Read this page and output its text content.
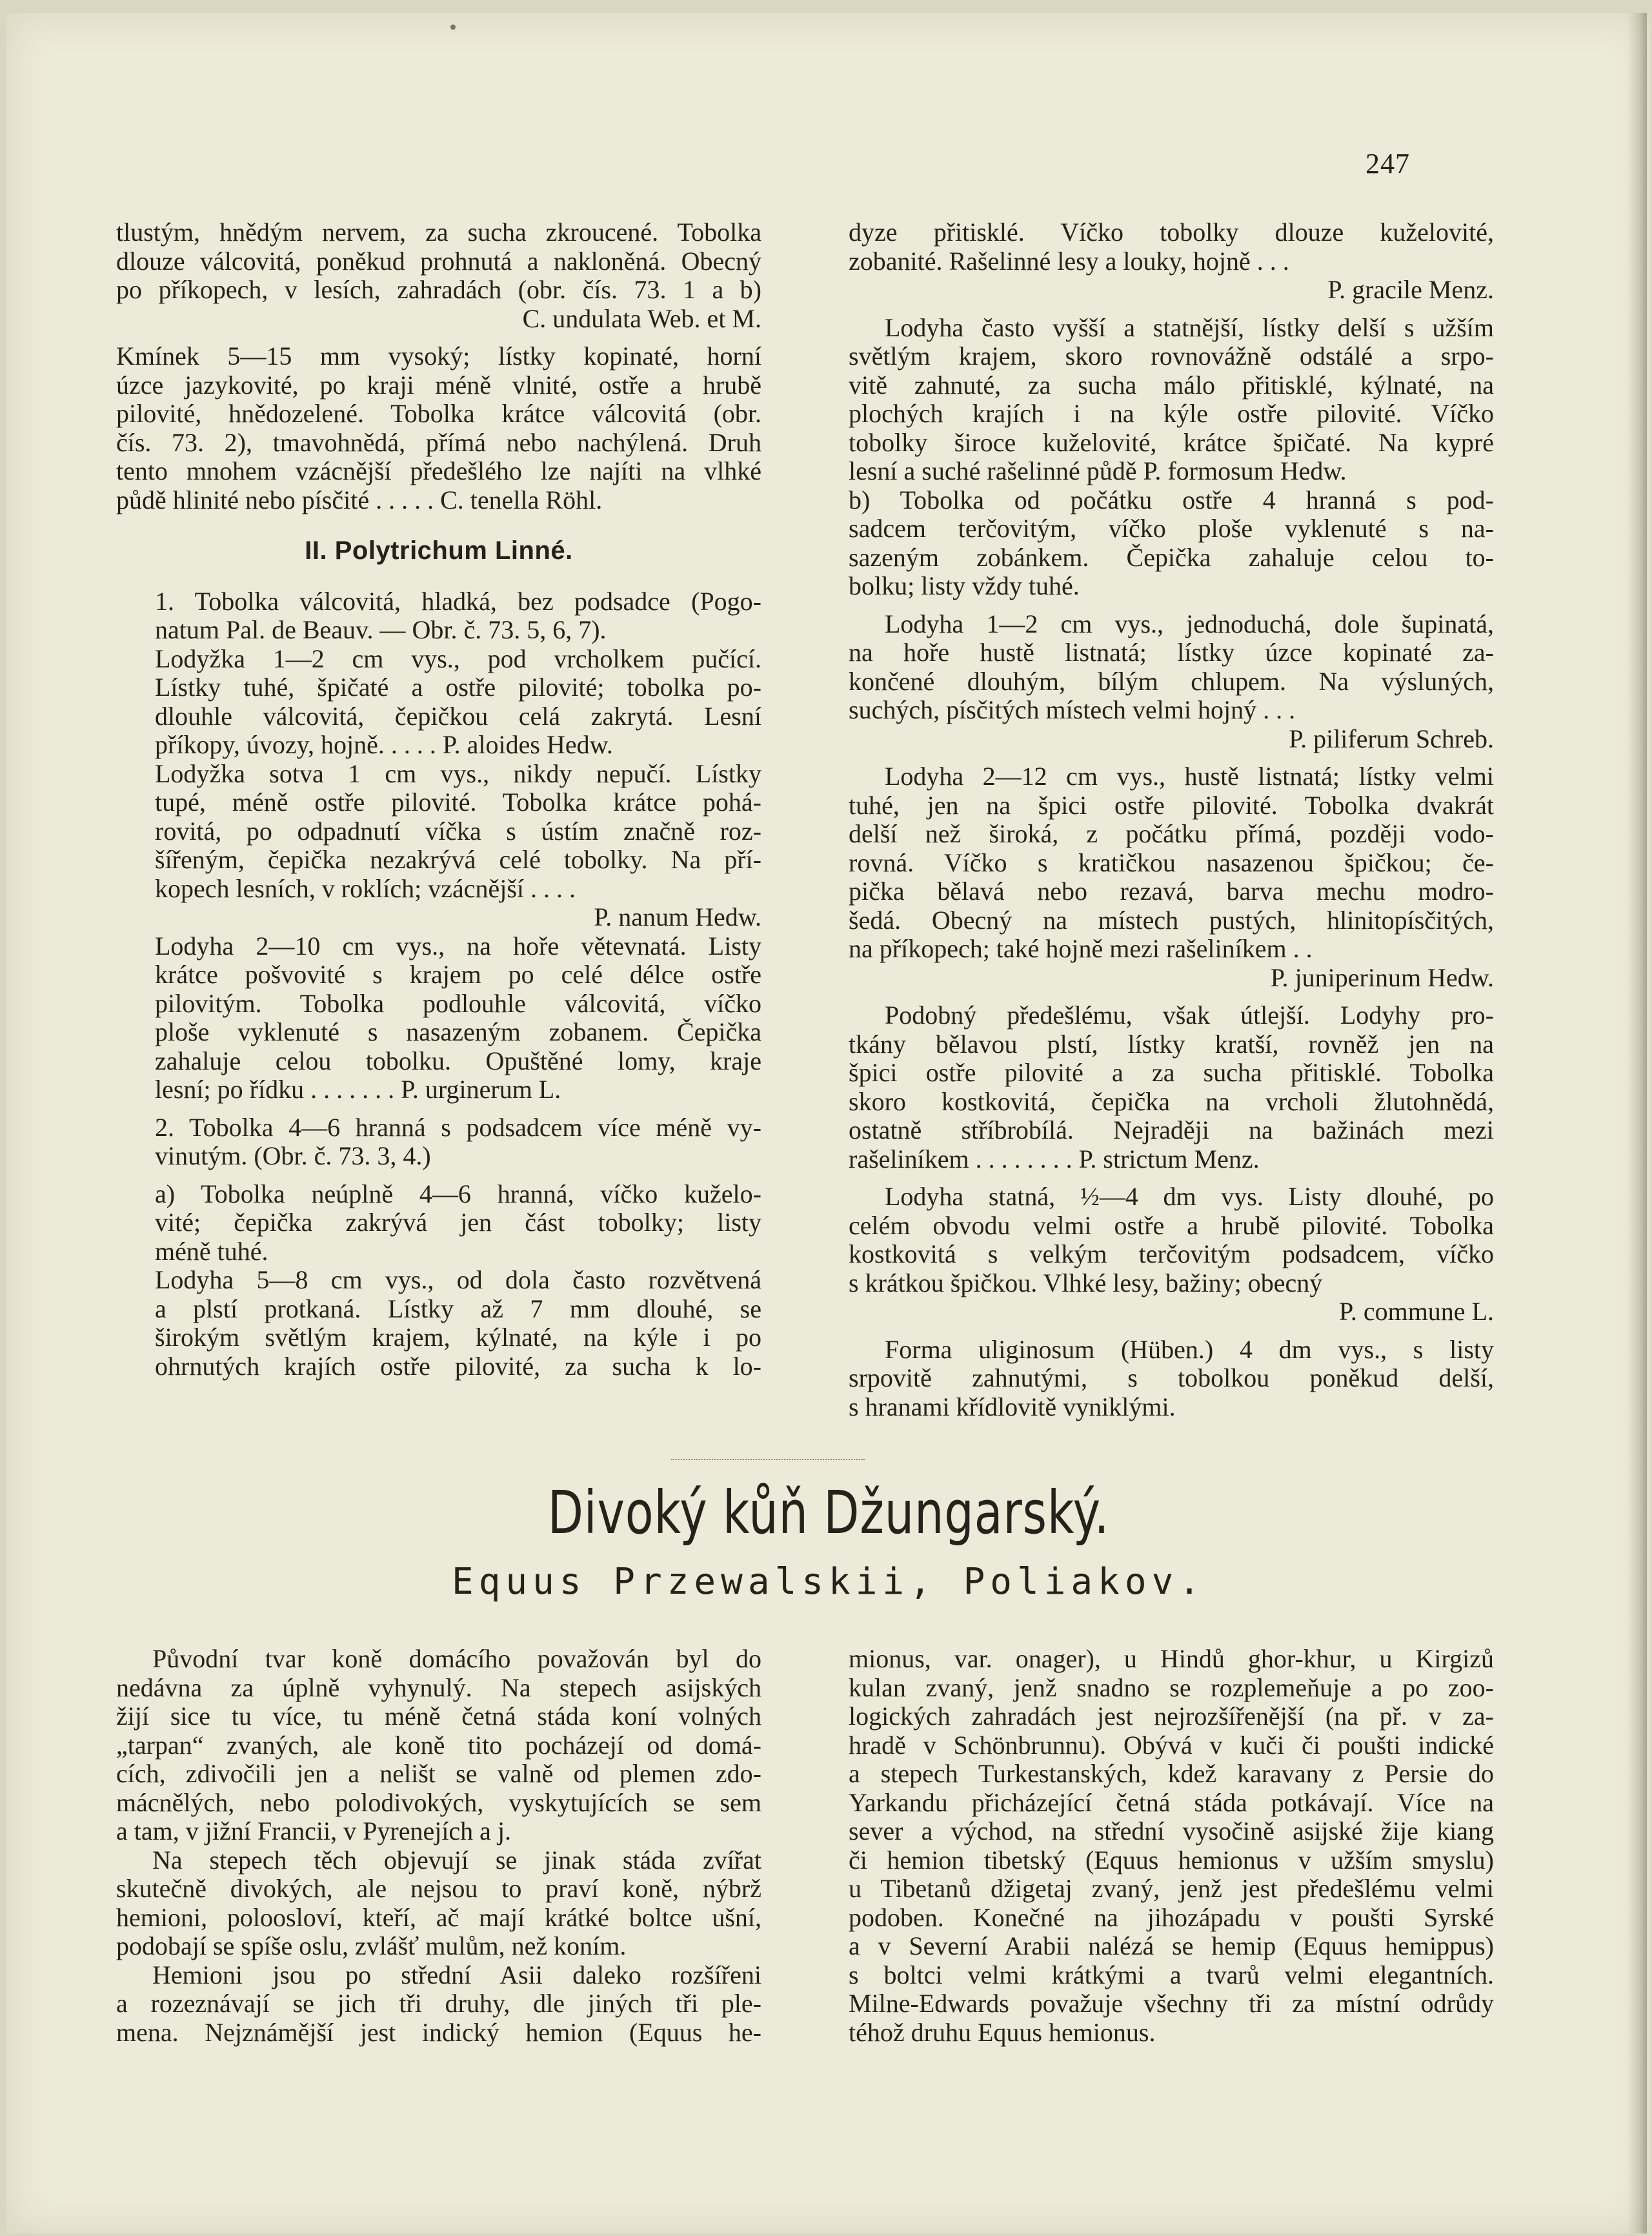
247
tlustým, hnědým nervem, za sucha zkroucené. Tobolka
dlouze válcovitá, poněkud prohnutá a nakloněná. Obecný
po příkopech, v lesích, zahradách (obr. čís. 73. 1 a b)
C. undulata Web. et M.
Kmínek 5—15 mm vysoký; lístky kopinaté, horní
úzce jazykovité, po kraji méně vlnité, ostře a hrubě
pilovité, hnědozelené. Tobolka krátce válcovitá (obr.
čís. 73. 2), tmavohnědá, přímá nebo nachýlená. Druh
tento mnohem vzácnější předešlého lze najíti na vlhké
půdě hlinité nebo písčité . . . . . C. tenella Röhl.
II. Polytrichum Linné.
1. Tobolka válcovitá, hladká, bez podsadce (Pogo-
natum Pal. de Beauv. — Obr. č. 73. 5, 6, 7).
Lodyžka 1—2 cm vys., pod vrcholkem pučící.
Lístky tuhé, špičaté a ostře pilovité; tobolka po-
dlouhle válcovitá, čepičkou celá zakrytá. Lesní
příkopy, úvozy, hojně. . . . . P. aloides Hedw.
Lodyžka sotva 1 cm vys., nikdy nepučí. Lístky
tupé, méně ostře pilovité. Tobolka krátce pohá-
rovitá, po odpadnutí víčka s ústím značně roz-
šířeným, čepička nezakrývá celé tobolky. Na pří-
kopech lesních, v roklích; vzácnější . . . .
P. nanum Hedw.
Lodyha 2—10 cm vys., na hoře větevnatá. Listy
krátce pošvovité s krajem po celé délce ostře
pilovitým. Tobolka podlouhle válcovitá, víčko
ploše vyklenuté s nasazeným zobanem. Čepička
zahaluje celou tobolku. Opuštěné lomy, kraje
lesní; po řídku . . . . . . . P. urginerum L.
2. Tobolka 4—6 hranná s podsadcem více méně vy-
vinutým. (Obr. č. 73. 3, 4.)
a) Tobolka neúplně 4—6 hranná, víčko kuželo-
vité; čepička zakrývá jen část tobolky; listy
méně tuhé.
Lodyha 5—8 cm vys., od dola často rozvětvená
a plstí protkaná. Lístky až 7 mm dlouhé, se
širokým světlým krajem, kýlnaté, na kýle i po
ohrnutých krajích ostře pilovité, za sucha k lo-
dyze přitisklé. Víčko tobolky dlouze kuželovité,
zobanité. Rašelinné lesy a louky, hojně . . .
P. gracile Menz.
Lodyha často vyšší a statnější, lístky delší s užším
světlým krajem, skoro rovnovážně odstálé a srpo-
vitě zahnuté, za sucha málo přitisklé, kýlnaté, na
plochých krajích i na kýle ostře pilovité. Víčko
tobolky široce kuželovité, krátce špičaté. Na kypré
lesní a suché rašelinné půdě P. formosum Hedw.
b) Tobolka od počátku ostře 4 hranná s pod-
sadcem terčovitým, víčko ploše vyklenuté s na-
sazeným zobánkem. Čepička zahaluje celou to-
bolku; listy vždy tuhé.
Lodyha 1—2 cm vys., jednoduchá, dole šupinatá,
na hoře hustě listnatá; lístky úzce kopinaté za-
končené dlouhým, bílým chlupem. Na výsluných,
suchých, písčitých místech velmi hojný . . .
P. piliferum Schreb.
Lodyha 2—12 cm vys., hustě listnatá; lístky velmi
tuhé, jen na špici ostře pilovité. Tobolka dvakrát
delší než široká, z počátku přímá, později vodo-
rovná. Víčko s kratičkou nasazenou špičkou; če-
pička bělavá nebo rezavá, barva mechu modro-
šedá. Obecný na místech pustých, hlinitopísčitých,
na příkopech; také hojně mezi rašeliníkem . .
P. juniperinum Hedw.
Podobný předešlému, však útlejší. Lodyhy pro-
tkány bělavou plstí, lístky kratší, rovněž jen na
špici ostře pilovité a za sucha přitisklé. Tobolka
skoro kostkovitá, čepička na vrcholi žlutohnědá,
ostatně stříbrobílá. Nejraději na bažinách mezi
rašeliníkem . . . . . . . . P. strictum Menz.
Lodyha statná, ½—4 dm vys. Listy dlouhé, po
celém obvodu velmi ostře a hrubě pilovité. Tobolka
kostkovitá s velkým terčovitým podsadcem, víčko
s krátkou špičkou. Vlhké lesy, bažiny; obecný
P. commune L.
Forma uliginosum (Hüben.) 4 dm vys., s listy
srpovitě zahnutými, s tobolkou poněkud delší,
s hranami křídlovitě vyniklými.
Divoký kůň Džungarský.
Equus Przewalskii, Poliakov.
Původní tvar koně domácího považován byl do
nedávna za úplně vyhynulý. Na stepech asijských
žijí sice tu více, tu méně četná stáda koní volných
„tarpan“ zvaných, ale koně tito pocházejí od domá-
cích, zdivočili jen a nelišt se valně od plemen zdo-
mácnělých, nebo polodivokých, vyskytujících se sem
a tam, v jižní Francii, v Pyrenejích a j.
Na stepech těch objevují se jinak stáda zvířat
skutečně divokých, ale nejsou to praví koně, nýbrž
hemioni, poloosloví, kteří, ač mají krátké boltce ušní,
podobají se spíše oslu, zvlášť mulům, než koním.
Hemioni jsou po střední Asii daleko rozšířeni
a rozeznávají se jich tři druhy, dle jiných tři ple-
mena. Nejznámější jest indický hemion (Equus he-
mionus, var. onager), u Hindů ghor-khur, u Kirgizů
kulan zvaný, jenž snadno se rozplemeňuje a po zoo-
logických zahradách jest nejrozšířenější (na př. v za-
hradě v Schönbrunnu). Obývá v kuči či poušti indické
a stepech Turkestanských, kdež karavany z Persie do
Yarkandu přicházející četná stáda potkávají. Více na
sever a východ, na střední vysočině asijské žije kiang
či hemion tibetský (Equus hemionus v užším smyslu)
u Tibetanů džigetaj zvaný, jenž jest předešlému velmi
podoben. Konečné na jihozápadu v poušti Syrské
a v Severní Arabii nalézá se hemip (Equus hemippus)
s boltci velmi krátkými a tvarů velmi elegantních.
Milne-Edwards považuje všechny tři za místní odrůdy
téhož druhu Equus hemionus.
